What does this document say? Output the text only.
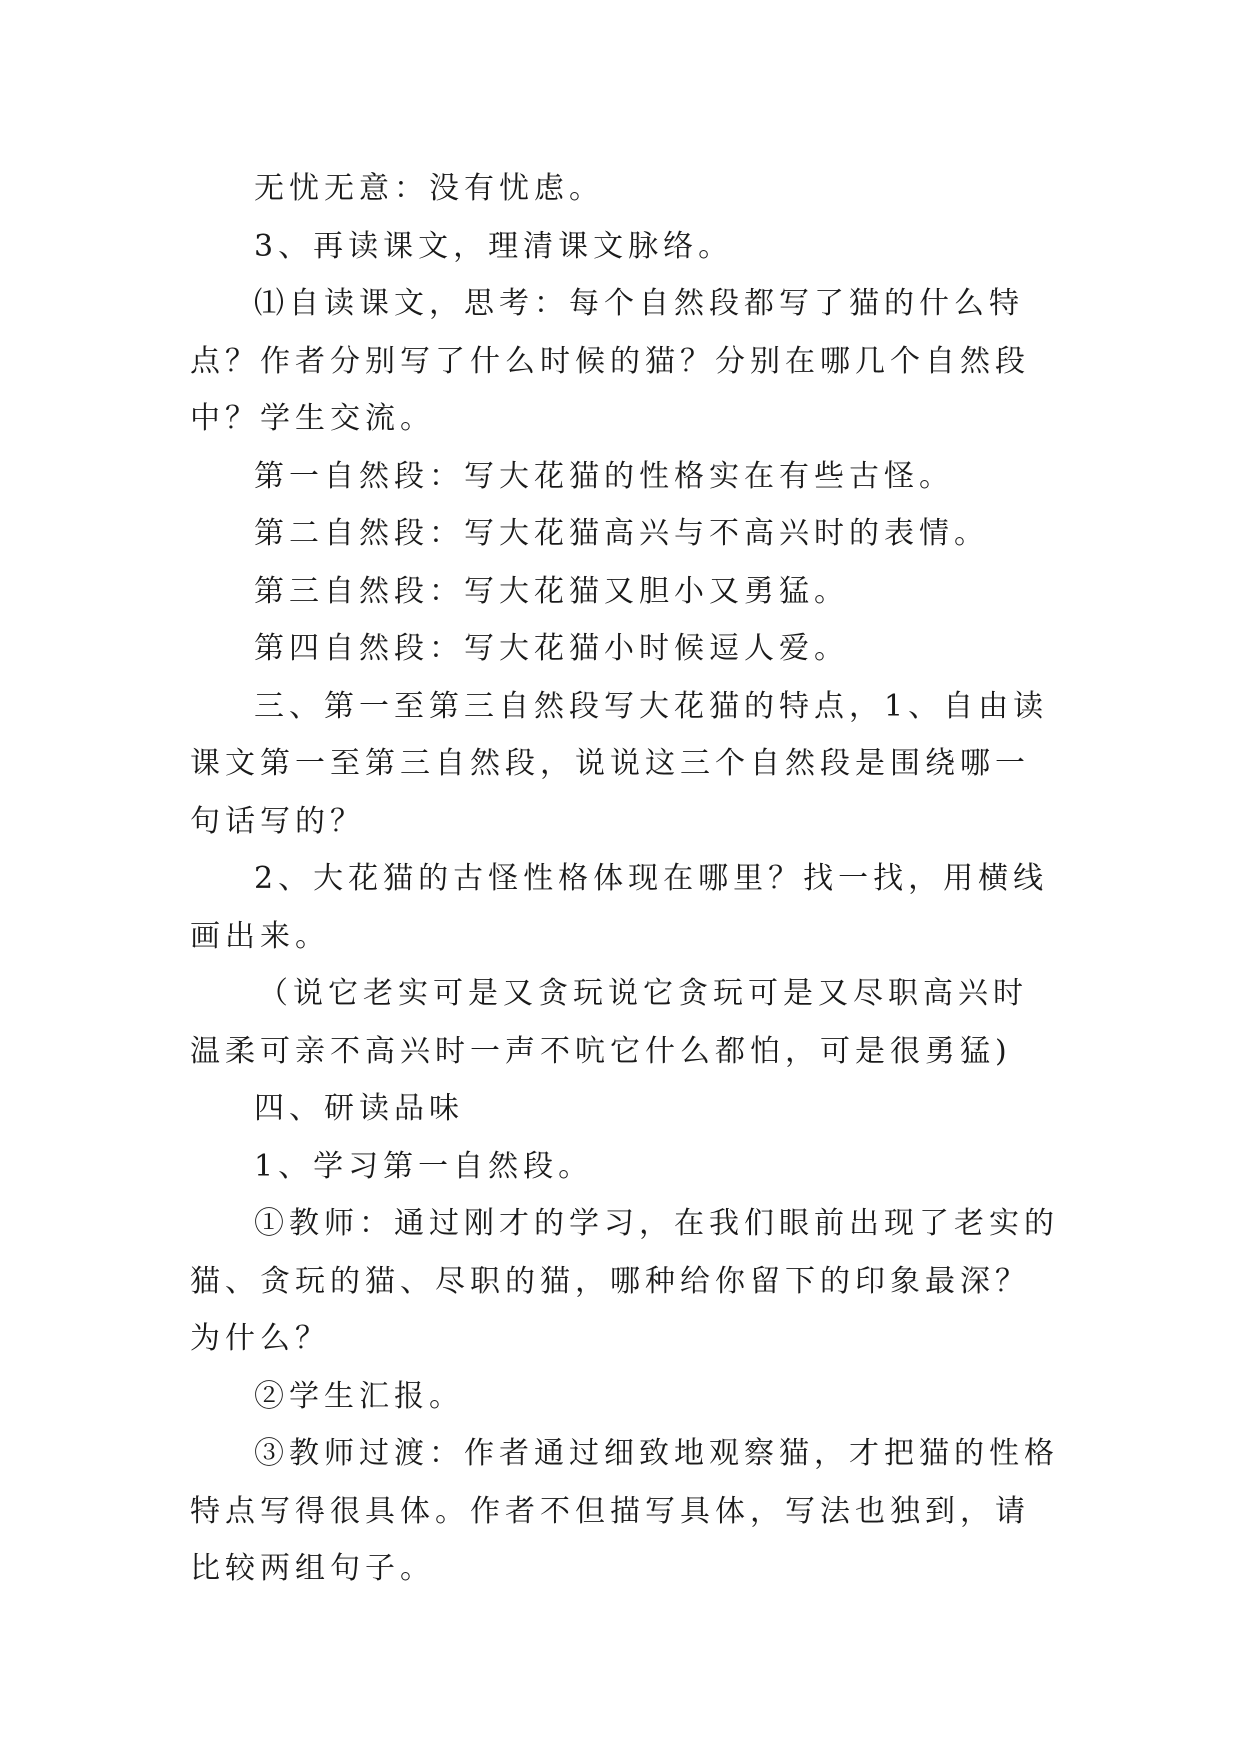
无忧无意：没有忧虑。

3、再读课文，理清课文脉络。

⑴自读课文，思考：每个自然段都写了猫的什么特点？作者分别写了什么时候的猫？分别在哪几个自然段中？学生交流。

第一自然段：写大花猫的性格实在有些古怪。

第二自然段：写大花猫高兴与不高兴时的表情。

第三自然段：写大花猫又胆小又勇猛。

第四自然段：写大花猫小时候逗人爱。

三、第一至第三自然段写大花猫的特点，1、自由读课文第一至第三自然段，说说这三个自然段是围绕哪一句话写的？

2、大花猫的古怪性格体现在哪里？找一找，用横线画出来。

（说它老实可是又贪玩说它贪玩可是又尽职高兴时温柔可亲不高兴时一声不吭它什么都怕，可是很勇猛)

四、研读品味

1、学习第一自然段。

①教师：通过刚才的学习，在我们眼前出现了老实的猫、贪玩的猫、尽职的猫，哪种给你留下的印象最深？为什么？

②学生汇报。

③教师过渡：作者通过细致地观察猫，才把猫的性格特点写得很具体。作者不但描写具体，写法也独到，请比较两组句子。
